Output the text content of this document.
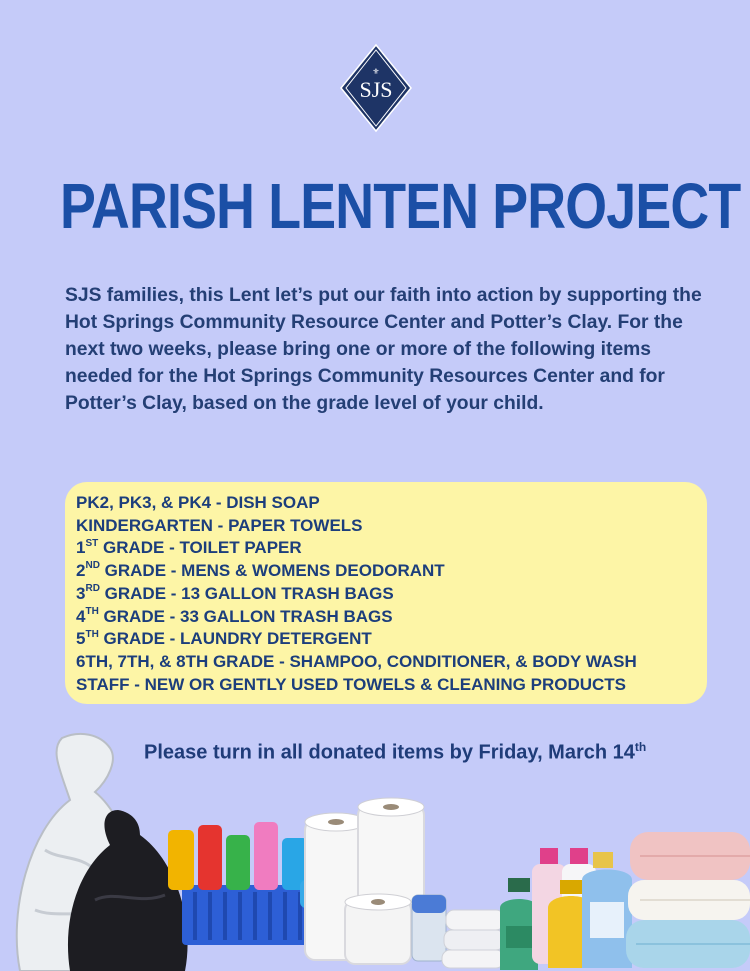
SJS
⚜
PARISH LENTEN PROJECT

SJS families, this Lent let’s put our faith into action by supporting the Hot Springs Community Resource Center and Potter’s Clay. For the next two weeks, please bring one or more of the following items needed for the Hot Springs Community Resources Center and for Potter’s Clay, based on the grade level of your child.

PK2, PK3, & PK4 - DISH SOAP
KINDERGARTEN - PAPER TOWELS
1ST GRADE - TOILET PAPER
2ND GRADE - MENS & WOMENS DEODORANT
3RD GRADE - 13 GALLON TRASH BAGS
4TH GRADE - 33 GALLON TRASH BAGS
5TH GRADE - LAUNDRY DETERGENT
6TH, 7TH, & 8TH GRADE - SHAMPOO, CONDITIONER, & BODY WASH
STAFF - NEW OR GENTLY USED TOWELS & CLEANING PRODUCTS
Please turn in all donated items by Friday, March 14th
